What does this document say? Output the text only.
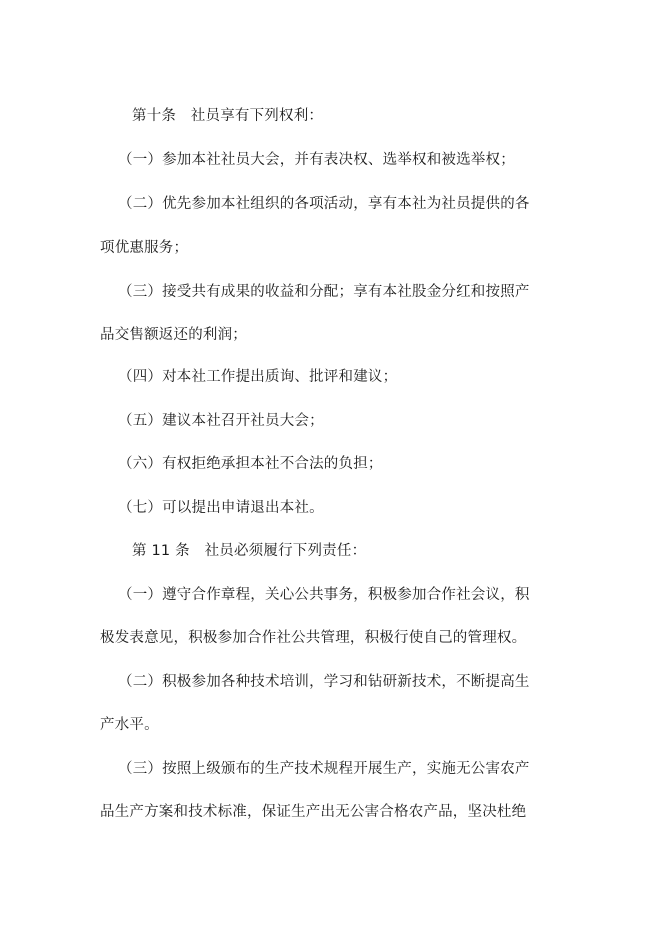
第十条　社员享有下列权利：
（一）参加本社社员大会，并有表决权、选举权和被选举权；
（二）优先参加本社组织的各项活动，享有本社为社员提供的各
项优惠服务；
（三）接受共有成果的收益和分配；享有本社股金分红和按照产
品交售额返还的利润；
（四）对本社工作提出质询、批评和建议；
（五）建议本社召开社员大会；
（六）有权拒绝承担本社不合法的负担；
（七）可以提出申请退出本社。
第 11 条　社员必须履行下列责任：
（一）遵守合作章程，关心公共事务，积极参加合作社会议，积
极发表意见，积极参加合作社公共管理，积极行使自己的管理权。
（二）积极参加各种技术培训，学习和钻研新技术，不断提高生
产水平。
（三）按照上级颁布的生产技术规程开展生产，实施无公害农产
品生产方案和技术标准，保证生产出无公害合格农产品，坚决杜绝
